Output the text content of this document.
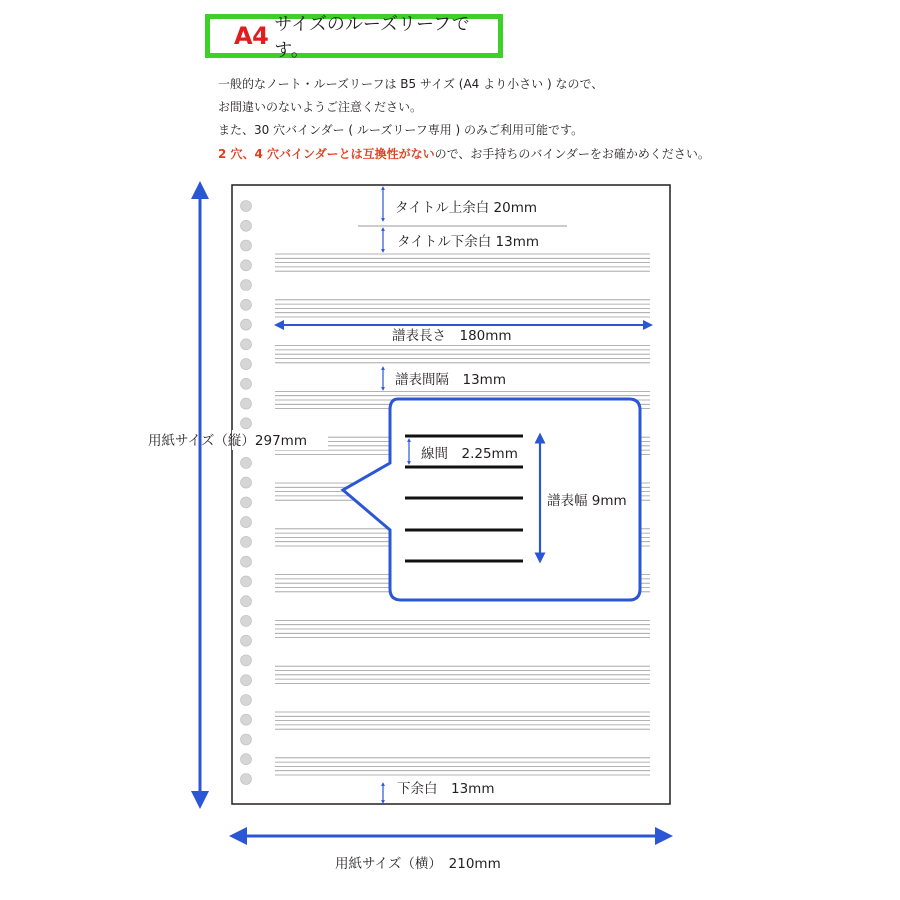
A4 サイズのルーズリーフです。
一般的なノート・ルーズリーフは B5 サイズ (A4 より小さい ) なので、
お間違いのないようご注意ください。
また、30 穴バインダー ( ルーズリーフ専用 ) のみご利用可能です。
2 穴、4 穴バインダーとは互換性がないので、お手持ちのバインダーをお確かめください。
タイトル上余白 20mm
タイトル下余白 13mm
譜表長さ　180mm
譜表間隔　13mm
用紙サイズ（縦）297mm
線間　2.25mm
譜表幅 9mm
下余白　13mm
用紙サイズ（横）　210mm
